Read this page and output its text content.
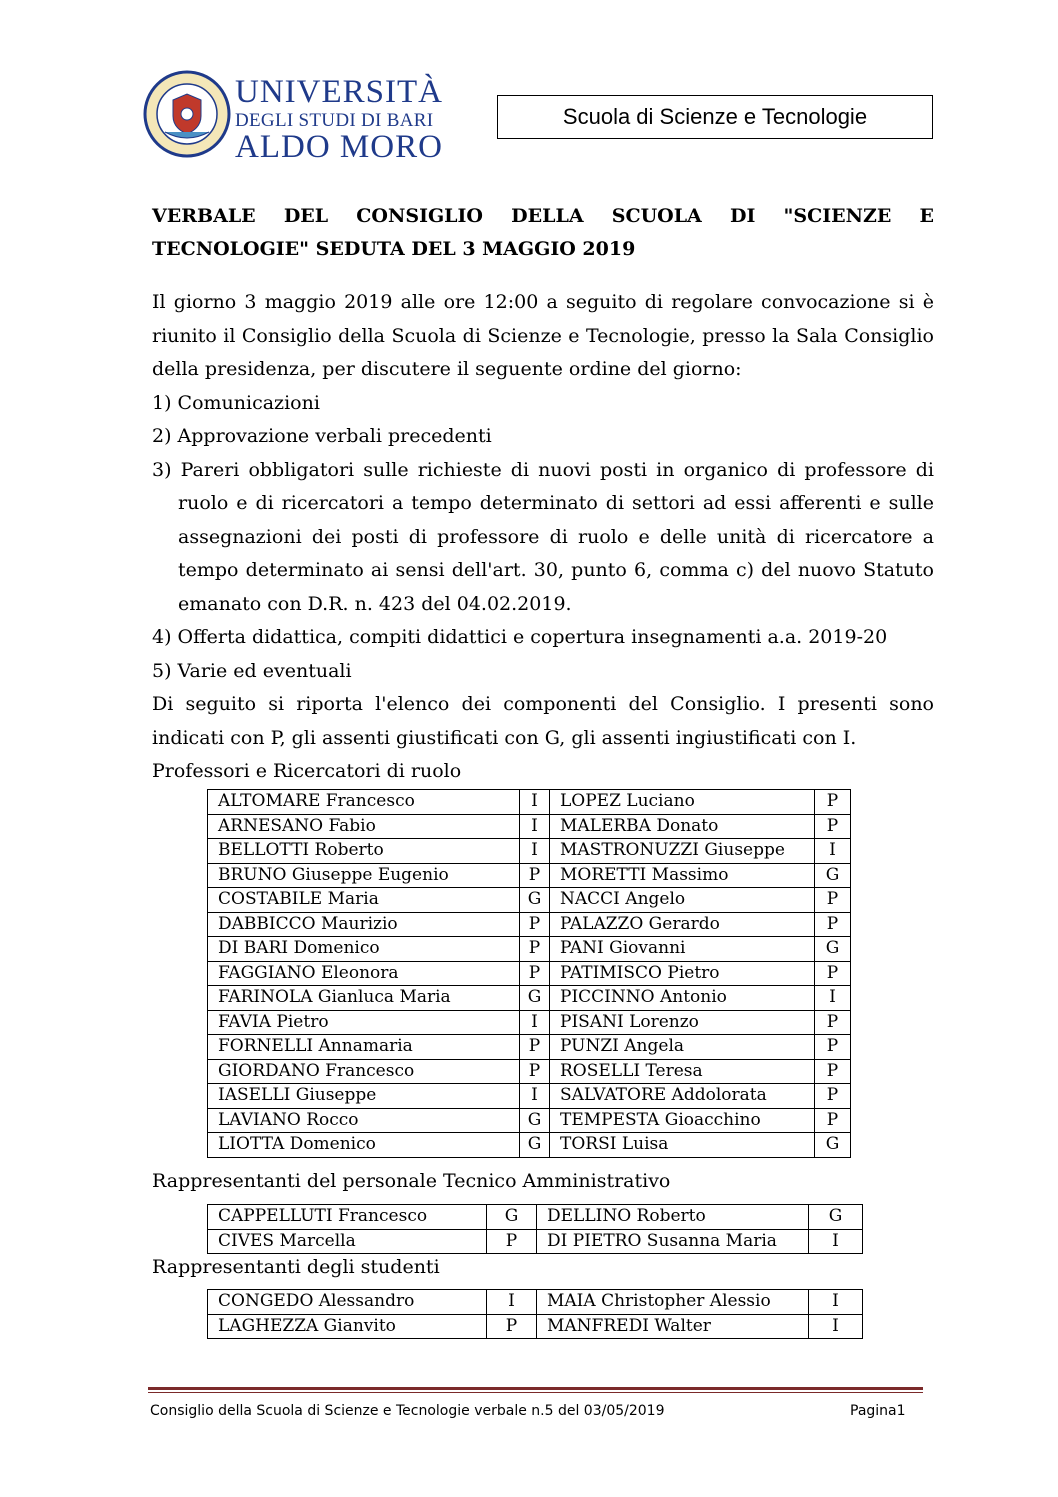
UNIVERSITÀ
DEGLI STUDI DI BARI
ALDO MORO
Scuola di Scienze e Tecnologie
VERBALE DEL CONSIGLIO DELLA SCUOLA DI "SCIENZE E
TECNOLOGIE" SEDUTA DEL 3 MAGGIO 2019

Il giorno 3 maggio 2019 alle ore 12:00 a seguito di regolare convocazione si è riunito il Consiglio della Scuola di Scienze e Tecnologie, presso la Sala Consiglio della presidenza, per discutere il seguente ordine del giorno:

1) Comunicazioni

2) Approvazione verbali precedenti

3) Pareri obbligatori sulle richieste di nuovi posti in organico di professore di ruolo e di ricercatori a tempo determinato di settori ad essi afferenti e sulle assegnazioni dei posti di professore di ruolo e delle unità di ricercatore a tempo determinato ai sensi dell'art. 30, punto 6, comma c) del nuovo Statuto emanato con D.R. n. 423 del 04.02.2019.

4) Offerta didattica, compiti didattici e copertura insegnamenti a.a. 2019-20

5) Varie ed eventuali

Di seguito si riporta l'elenco dei componenti del Consiglio. I presenti sono indicati con P, gli assenti giustificati con G, gli assenti ingiustificati con I.

Professori e Ricercatori di ruolo

ALTOMARE Francesco	I	LOPEZ Luciano	P
ARNESANO Fabio	I	MALERBA Donato	P
BELLOTTI Roberto	I	MASTRONUZZI Giuseppe	I
BRUNO Giuseppe Eugenio	P	MORETTI Massimo	G
COSTABILE Maria	G	NACCI Angelo	P
DABBICCO Maurizio	P	PALAZZO Gerardo	P
DI BARI Domenico	P	PANI Giovanni	G
FAGGIANO Eleonora	P	PATIMISCO Pietro	P
FARINOLA Gianluca Maria	G	PICCINNO Antonio	I
FAVIA Pietro	I	PISANI Lorenzo	P
FORNELLI Annamaria	P	PUNZI Angela	P
GIORDANO Francesco	P	ROSELLI Teresa	P
IASELLI Giuseppe	I	SALVATORE Addolorata	P
LAVIANO Rocco	G	TEMPESTA Gioacchino	P
LIOTTA Domenico	G	TORSI Luisa	G
Rappresentanti del personale Tecnico Amministrativo
CAPPELLUTI Francesco	G	DELLINO Roberto	G
CIVES Marcella	P	DI PIETRO Susanna Maria	I
Rappresentanti degli studenti
CONGEDO Alessandro	I	MAIA Christopher Alessio	I
LAGHEZZA Gianvito	P	MANFREDI Walter	I
Consiglio della Scuola di Scienze e Tecnologie verbale n.5 del 03/05/2019	Pagina1
